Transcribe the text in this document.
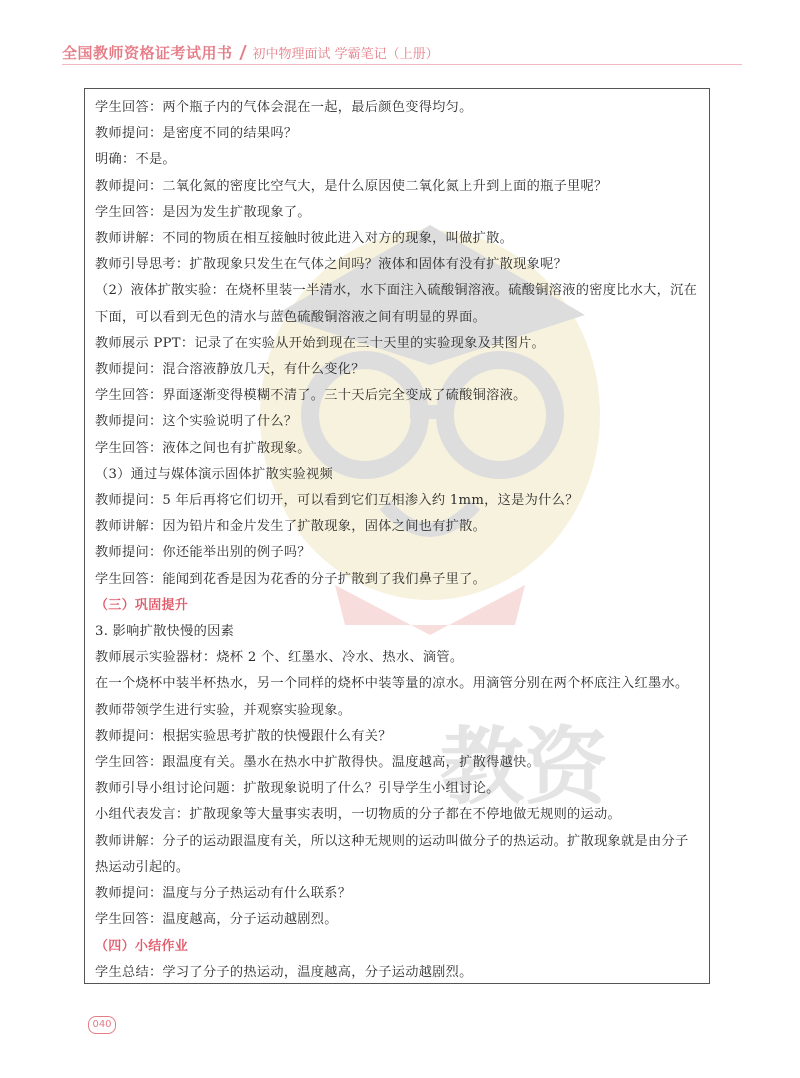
全国教师资格证考试用书 初中物理面试 学霸笔记（上册）
教资
学生回答：两个瓶子内的气体会混在一起，最后颜色变得均匀。
教师提问：是密度不同的结果吗？
明确：不是。
教师提问：二氧化氮的密度比空气大，是什么原因使二氧化氮上升到上面的瓶子里呢？
学生回答：是因为发生扩散现象了。
教师讲解：不同的物质在相互接触时彼此进入对方的现象，叫做扩散。
教师引导思考：扩散现象只发生在气体之间吗？液体和固体有没有扩散现象呢？
（2）液体扩散实验：在烧杯里装一半清水，水下面注入硫酸铜溶液。硫酸铜溶液的密度比水大，沉在
下面，可以看到无色的清水与蓝色硫酸铜溶液之间有明显的界面。
教师展示 PPT：记录了在实验从开始到现在三十天里的实验现象及其图片。
教师提问：混合溶液静放几天，有什么变化？
学生回答：界面逐渐变得模糊不清了。三十天后完全变成了硫酸铜溶液。
教师提问：这个实验说明了什么？
学生回答：液体之间也有扩散现象。
（3）通过与媒体演示固体扩散实验视频
教师提问：5 年后再将它们切开，可以看到它们互相渗入约 1mm，这是为什么？
教师讲解：因为铅片和金片发生了扩散现象，固体之间也有扩散。
教师提问：你还能举出别的例子吗？
学生回答：能闻到花香是因为花香的分子扩散到了我们鼻子里了。
（三）巩固提升
3. 影响扩散快慢的因素
教师展示实验器材：烧杯 2 个、红墨水、冷水、热水、滴管。
在一个烧杯中装半杯热水，另一个同样的烧杯中装等量的凉水。用滴管分别在两个杯底注入红墨水。
教师带领学生进行实验，并观察实验现象。
教师提问：根据实验思考扩散的快慢跟什么有关？
学生回答：跟温度有关。墨水在热水中扩散得快。温度越高，扩散得越快。
教师引导小组讨论问题：扩散现象说明了什么？引导学生小组讨论。
小组代表发言：扩散现象等大量事实表明，一切物质的分子都在不停地做无规则的运动。
教师讲解：分子的运动跟温度有关，所以这种无规则的运动叫做分子的热运动。扩散现象就是由分子
热运动引起的。
教师提问：温度与分子热运动有什么联系？
学生回答：温度越高，分子运动越剧烈。
（四）小结作业
学生总结：学习了分子的热运动，温度越高，分子运动越剧烈。
040
